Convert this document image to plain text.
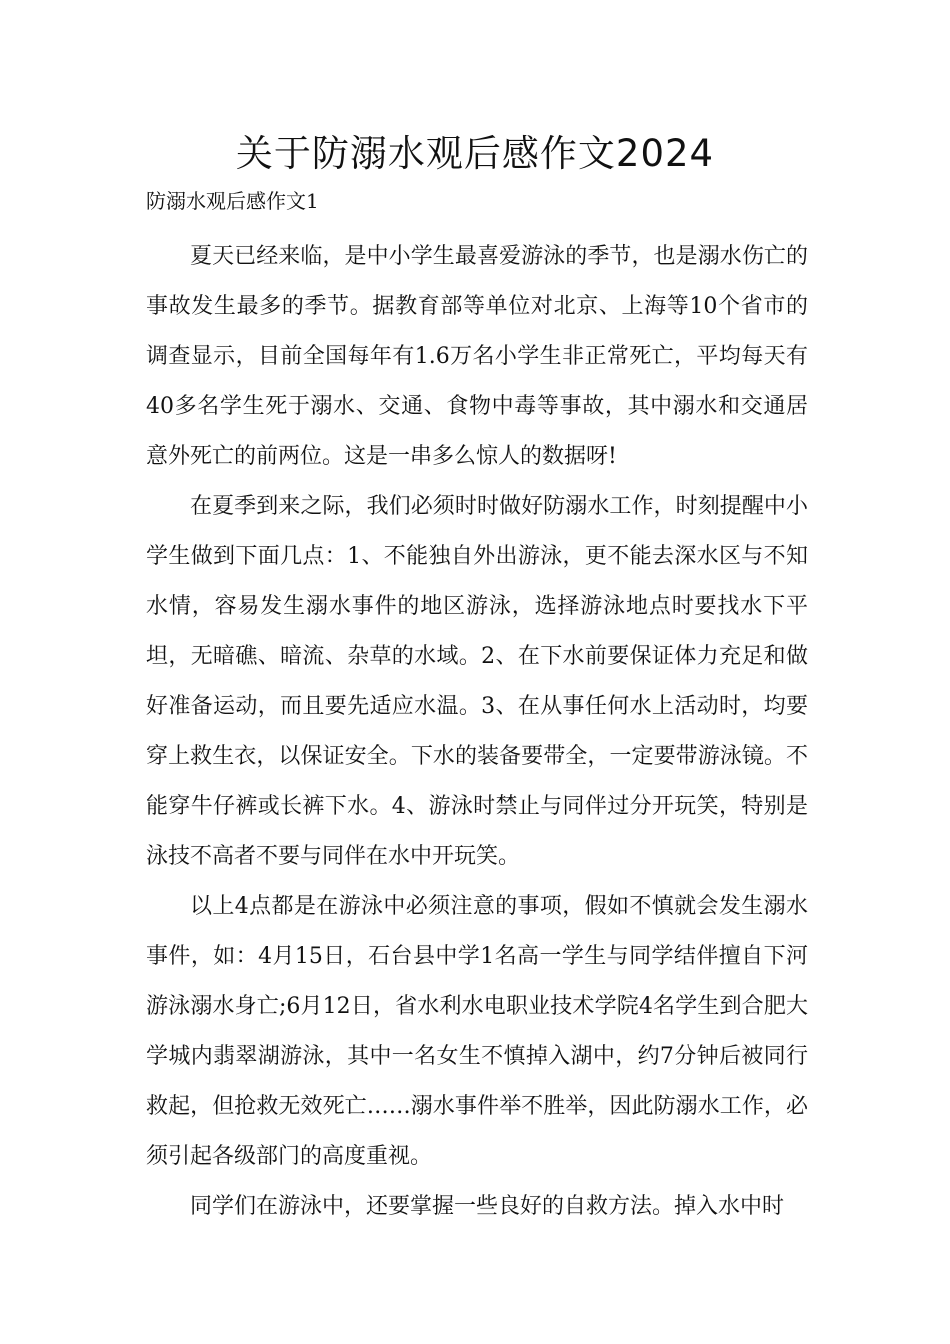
关于防溺水观后感作文2024

防溺水观后感作文1

夏天已经来临，是中小学生最喜爱游泳的季节，也是溺水伤亡的事故发生最多的季节。据教育部等单位对北京、上海等10个省市的调查显示，目前全国每年有1.6万名小学生非正常死亡，平均每天有40多名学生死于溺水、交通、食物中毒等事故，其中溺水和交通居意外死亡的前两位。这是一串多么惊人的数据呀!

在夏季到来之际，我们必须时时做好防溺水工作，时刻提醒中小学生做到下面几点：1、不能独自外出游泳，更不能去深水区与不知水情，容易发生溺水事件的地区游泳，选择游泳地点时要找水下平坦，无暗礁、暗流、杂草的水域。2、在下水前要保证体力充足和做好准备运动，而且要先适应水温。3、在从事任何水上活动时，均要穿上救生衣，以保证安全。下水的装备要带全，一定要带游泳镜。不能穿牛仔裤或长裤下水。4、游泳时禁止与同伴过分开玩笑，特别是泳技不高者不要与同伴在水中开玩笑。

以上4点都是在游泳中必须注意的事项，假如不慎就会发生溺水事件，如：4月15日，石台县中学1名高一学生与同学结伴擅自下河游泳溺水身亡;6月12日，省水利水电职业技术学院4名学生到合肥大学城内翡翠湖游泳，其中一名女生不慎掉入湖中，约7分钟后被同行救起，但抢救无效死亡……溺水事件举不胜举，因此防溺水工作，必须引起各级部门的高度重视。

同学们在游泳中，还要掌握一些良好的自救方法。掉入水中时
